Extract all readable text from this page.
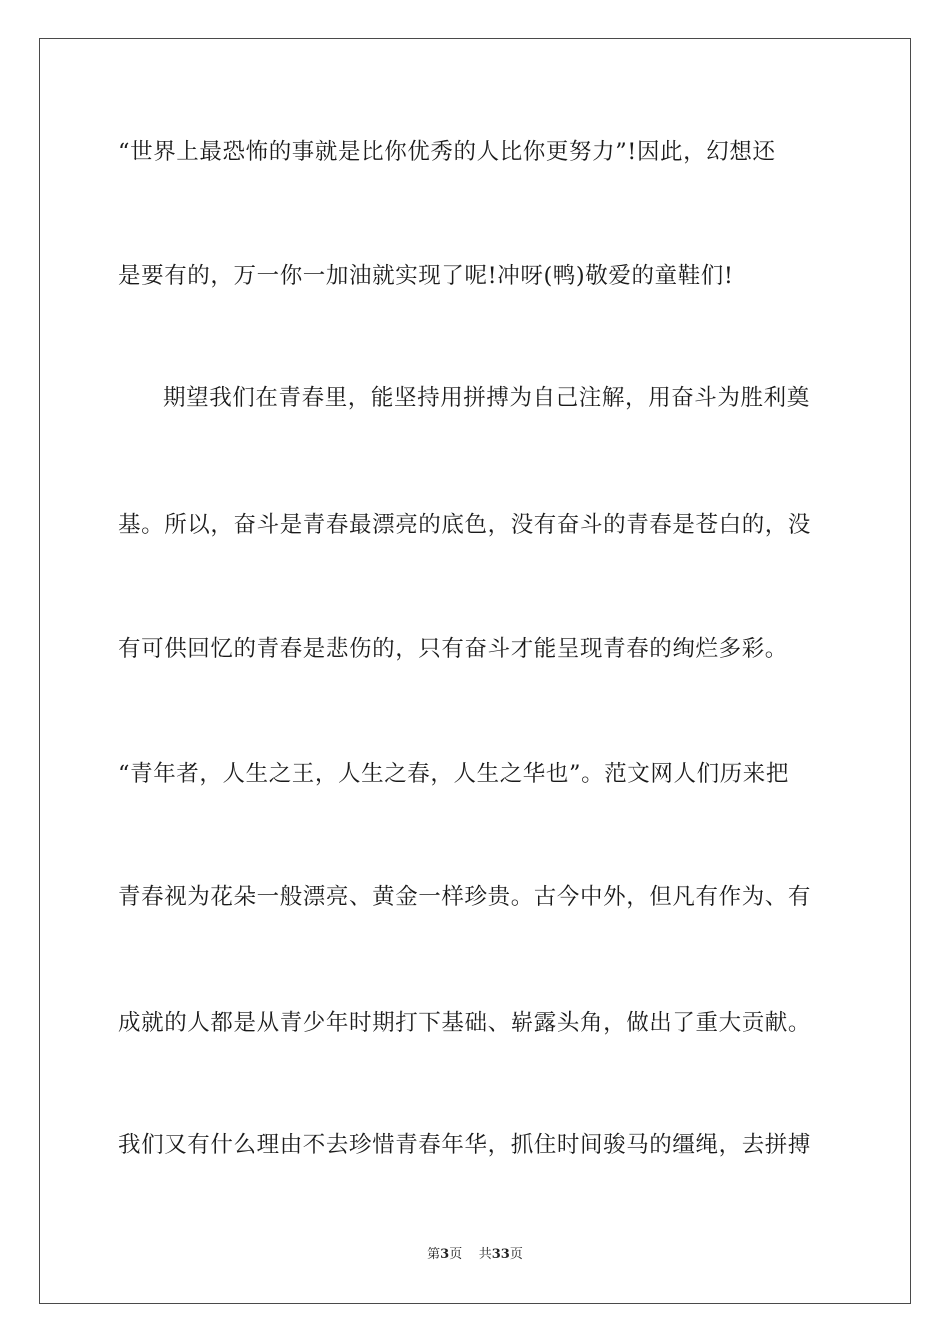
“世界上最恐怖的事就是比你优秀的人比你更努力”!因此，幻想还
是要有的，万一你一加油就实现了呢!冲呀(鸭)敬爱的童鞋们!
期望我们在青春里，能坚持用拼搏为自己注解，用奋斗为胜利奠
基。所以，奋斗是青春最漂亮的底色，没有奋斗的青春是苍白的，没
有可供回忆的青春是悲伤的，只有奋斗才能呈现青春的绚烂多彩。
“青年者，人生之王，人生之春，人生之华也”。范文网人们历来把
青春视为花朵一般漂亮、黄金一样珍贵。古今中外，但凡有作为、有
成就的人都是从青少年时期打下基础、崭露头角，做出了重大贡献。
我们又有什么理由不去珍惜青春年华，抓住时间骏马的缰绳，去拼搏
第3页 共33页
